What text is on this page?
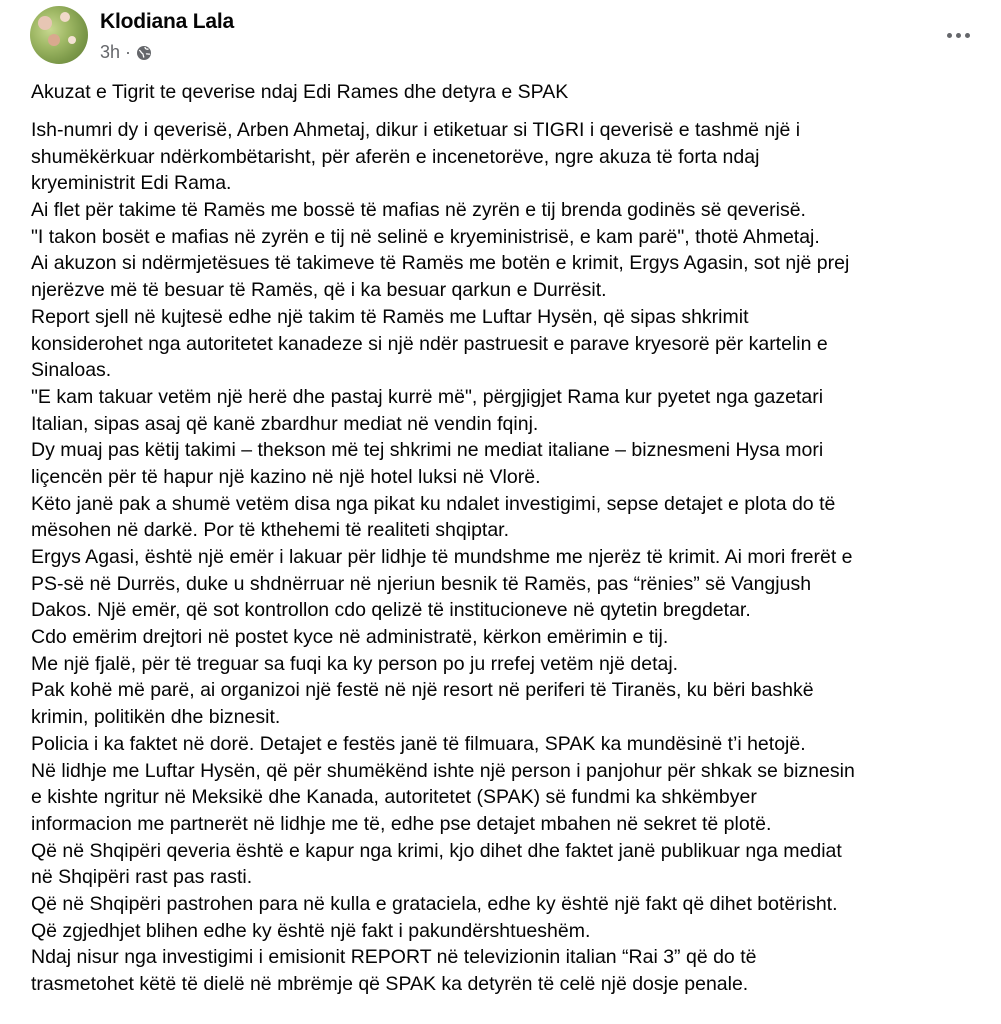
Klodiana Lala
3h ·
Akuzat e Tigrit te qeverise ndaj Edi Rames dhe detyra e SPAK
Ish-numri dy i qeverisë, Arben Ahmetaj, dikur i etiketuar si TIGRI i qeverisë e tashmë një i
shumëkërkuar ndërkombëtarisht, për aferën e incenetorëve, ngre akuza të forta ndaj
kryeministrit Edi Rama.
Ai flet për takime të Ramës me bossë të mafias në zyrën e tij brenda godinës së qeverisë.
"I takon bosët e mafias në zyrën e tij në selinë e kryeministrisë, e kam parë", thotë Ahmetaj.
Ai akuzon si ndërmjetësues të takimeve të Ramës me botën e krimit, Ergys Agasin, sot një prej
njerëzve më të besuar të Ramës, që i ka besuar qarkun e Durrësit.
Report sjell në kujtesë edhe një takim të Ramës me Luftar Hysën, që sipas shkrimit
konsiderohet nga autoritetet kanadeze si një ndër pastruesit e parave kryesorë për kartelin e
Sinaloas.
"E kam takuar vetëm një herë dhe pastaj kurrë më", përgjigjet Rama kur pyetet nga gazetari
Italian, sipas asaj që kanë zbardhur mediat në vendin fqinj.
Dy muaj pas këtij takimi – thekson më tej shkrimi ne mediat italiane – biznesmeni Hysa mori
liçencën për të hapur një kazino në një hotel luksi në Vlorë.
Këto janë pak a shumë vetëm disa nga pikat ku ndalet investigimi, sepse detajet e plota do të
mësohen në darkë. Por të kthehemi të realiteti shqiptar.
Ergys Agasi, është një emër i lakuar për lidhje të mundshme me njerëz të krimit. Ai mori frerët e
PS-së në Durrës, duke u shdnërruar në njeriun besnik të Ramës, pas “rënies” së Vangjush
Dakos. Një emër, që sot kontrollon cdo qelizë të institucioneve në qytetin bregdetar.
Cdo emërim drejtori në postet kyce në administratë, kërkon emërimin e tij.
Me një fjalë, për të treguar sa fuqi ka ky person po ju rrefej vetëm një detaj.
Pak kohë më parë, ai organizoi një festë në një resort në periferi të Tiranës, ku bëri bashkë
krimin, politikën dhe biznesit.
Policia i ka faktet në dorë. Detajet e festës janë të filmuara, SPAK ka mundësinë t’i hetojë.
Në lidhje me Luftar Hysën, që për shumëkënd ishte një person i panjohur për shkak se biznesin
e kishte ngritur në Meksikë dhe Kanada, autoritetet (SPAK) së fundmi ka shkëmbyer
informacion me partnerët në lidhje me të, edhe pse detajet mbahen në sekret të plotë.
Që në Shqipëri qeveria është e kapur nga krimi, kjo dihet dhe faktet janë publikuar nga mediat
në Shqipëri rast pas rasti.
Që në Shqipëri pastrohen para në kulla e grataciela, edhe ky është një fakt që dihet botërisht.
Që zgjedhjet blihen edhe ky është një fakt i pakundërshtueshëm.
Ndaj nisur nga investigimi i emisionit REPORT në televizionin italian “Rai 3” që do të
trasmetohet këtë të dielë në mbrëmje që SPAK ka detyrën të celë një dosje penale.
